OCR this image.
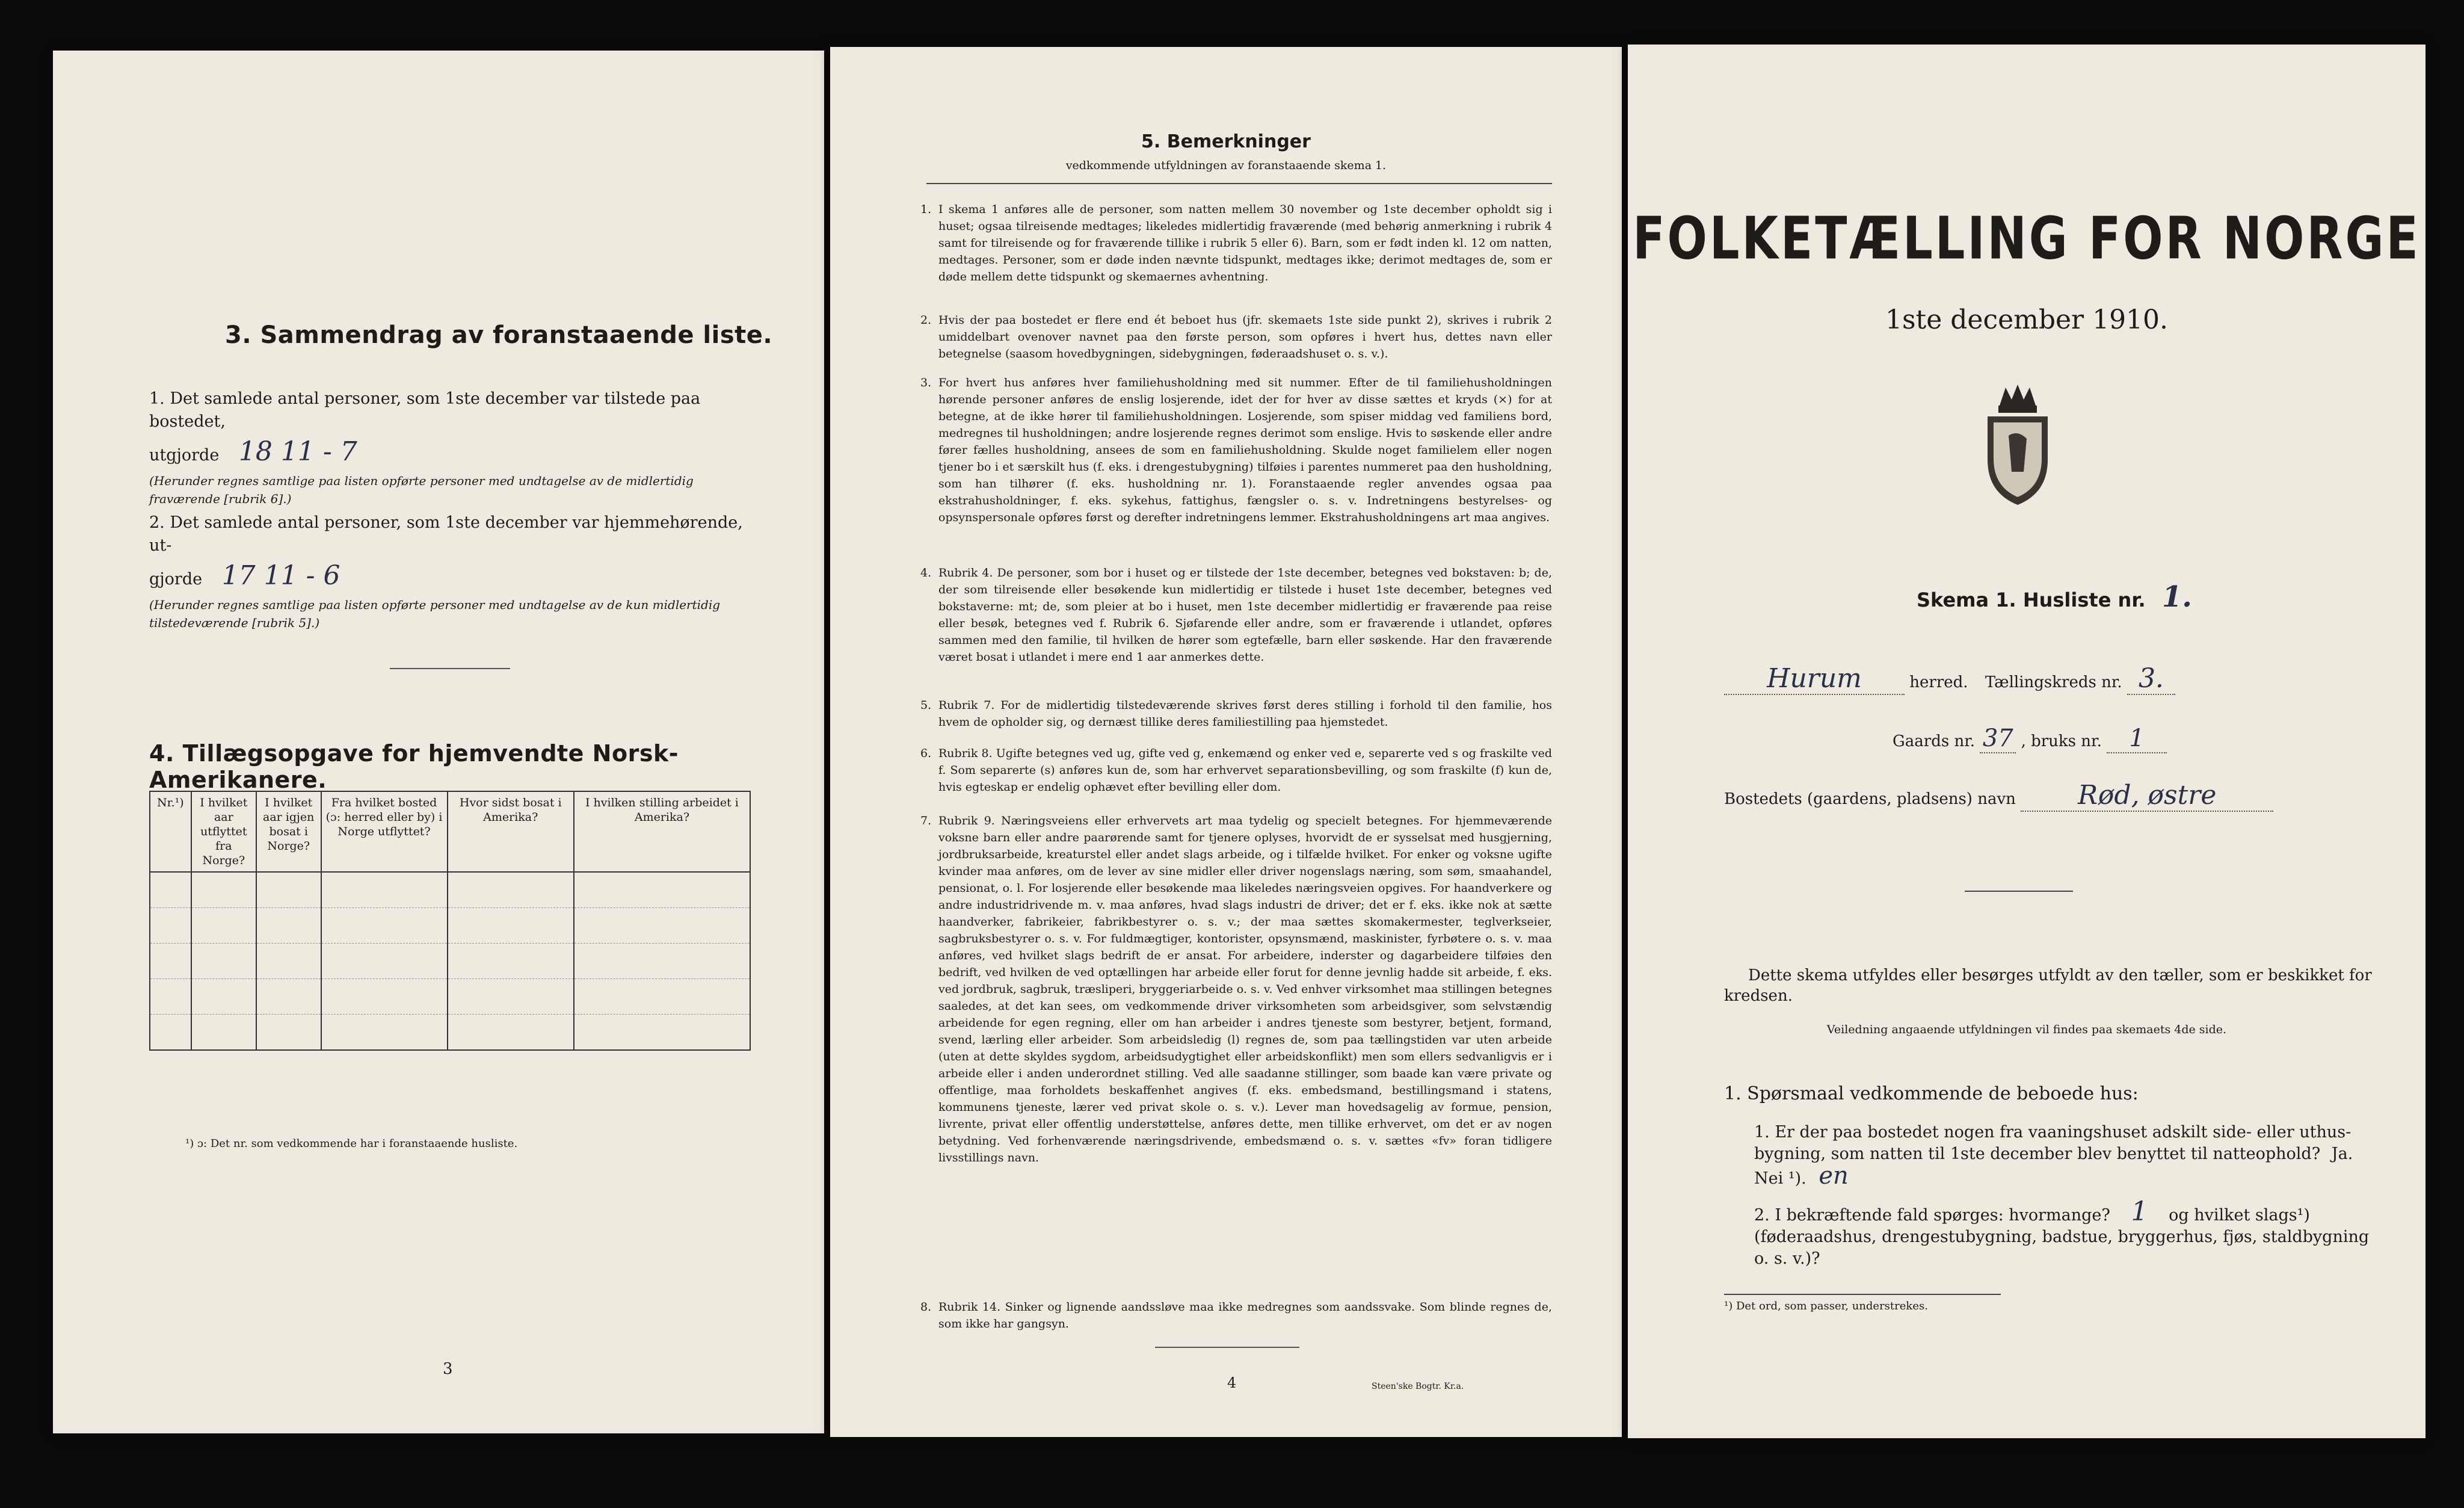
3. Sammendrag av foranstaaende liste.
1. Det samlede antal personer, som 1ste december var tilstede paa bostedet,
utgjorde 18 11 - 7
(Herunder regnes samtlige paa listen opførte personer med undtagelse av de midlertidig fraværende [rubrik 6].)
2. Det samlede antal personer, som 1ste december var hjemmehørende, ut-
gjorde 17 11 - 6
(Herunder regnes samtlige paa listen opførte personer med undtagelse av de kun midlertidig tilstedeværende [rubrik 5].)
4. Tillægsopgave for hjemvendte Norsk-Amerikanere.
Nr.¹)	I hvilket aar utflyttet fra Norge?	I hvilket aar igjen bosat i Norge?	Fra hvilket bosted (ɔ: herred eller by) i Norge utflyttet?	Hvor sidst bosat i Amerika?	I hvilken stilling arbeidet i Amerika?

¹) ɔ: Det nr. som vedkommende har i foranstaaende husliste.
3
5. Bemerkninger
vedkommende utfyldningen av foranstaaende skema 1.
1. I skema 1 anføres alle de personer, som natten mellem 30 november og 1ste december opholdt sig i huset; ogsaa tilreisende medtages; likeledes midlertidig fraværende (med behørig anmerkning i rubrik 4 samt for tilreisende og for fraværende tillike i rubrik 5 eller 6). Barn, som er født inden kl. 12 om natten, medtages. Personer, som er døde inden nævnte tidspunkt, medtages ikke; derimot medtages de, som er døde mellem dette tidspunkt og skemaernes avhentning.
2. Hvis der paa bostedet er flere end ét beboet hus (jfr. skemaets 1ste side punkt 2), skrives i rubrik 2 umiddelbart ovenover navnet paa den første person, som opføres i hvert hus, dettes navn eller betegnelse (saasom hovedbygningen, sidebygningen, føderaadshuset o. s. v.).
3. For hvert hus anføres hver familiehusholdning med sit nummer. Efter de til familiehusholdningen hørende personer anføres de enslig losjerende, idet der for hver av disse sættes et kryds (×) for at betegne, at de ikke hører til familiehusholdningen. Losjerende, som spiser middag ved familiens bord, medregnes til husholdningen; andre losjerende regnes derimot som enslige. Hvis to søskende eller andre fører fælles husholdning, ansees de som en familiehusholdning. Skulde noget familielem eller nogen tjener bo i et særskilt hus (f. eks. i drengestubygning) tilføies i parentes nummeret paa den husholdning, som han tilhører (f. eks. husholdning nr. 1). Foranstaaende regler anvendes ogsaa paa ekstrahusholdninger, f. eks. sykehus, fattighus, fængsler o. s. v. Indretningens bestyrelses- og opsynspersonale opføres først og derefter indretningens lemmer. Ekstrahusholdningens art maa angives.
4. Rubrik 4. De personer, som bor i huset og er tilstede der 1ste december, betegnes ved bokstaven: b; de, der som tilreisende eller besøkende kun midlertidig er tilstede i huset 1ste december, betegnes ved bokstaverne: mt; de, som pleier at bo i huset, men 1ste december midlertidig er fraværende paa reise eller besøk, betegnes ved f. Rubrik 6. Sjøfarende eller andre, som er fraværende i utlandet, opføres sammen med den familie, til hvilken de hører som egtefælle, barn eller søskende. Har den fraværende været bosat i utlandet i mere end 1 aar anmerkes dette.
5. Rubrik 7. For de midlertidig tilstedeværende skrives først deres stilling i forhold til den familie, hos hvem de opholder sig, og dernæst tillike deres familiestilling paa hjemstedet.
6. Rubrik 8. Ugifte betegnes ved ug, gifte ved g, enkemænd og enker ved e, separerte ved s og fraskilte ved f. Som separerte (s) anføres kun de, som har erhvervet separationsbevilling, og som fraskilte (f) kun de, hvis egteskap er endelig ophævet efter bevilling eller dom.
7. Rubrik 9. Næringsveiens eller erhvervets art maa tydelig og specielt betegnes. For hjemmeværende voksne barn eller andre paarørende samt for tjenere oplyses, hvorvidt de er sysselsat med husgjerning, jordbruksarbeide, kreaturstel eller andet slags arbeide, og i tilfælde hvilket. For enker og voksne ugifte kvinder maa anføres, om de lever av sine midler eller driver nogenslags næring, som søm, smaahandel, pensionat, o. l. For losjerende eller besøkende maa likeledes næringsveien opgives. For haandverkere og andre industridrivende m. v. maa anføres, hvad slags industri de driver; det er f. eks. ikke nok at sætte haandverker, fabrikeier, fabrikbestyrer o. s. v.; der maa sættes skomakermester, teglverkseier, sagbruksbestyrer o. s. v. For fuldmægtiger, kontorister, opsynsmænd, maskinister, fyrbøtere o. s. v. maa anføres, ved hvilket slags bedrift de er ansat. For arbeidere, inderster og dagarbeidere tilføies den bedrift, ved hvilken de ved optællingen har arbeide eller forut for denne jevnlig hadde sit arbeide, f. eks. ved jordbruk, sagbruk, træsliperi, bryggeriarbeide o. s. v. Ved enhver virksomhet maa stillingen betegnes saaledes, at det kan sees, om vedkommende driver virksomheten som arbeidsgiver, som selvstændig arbeidende for egen regning, eller om han arbeider i andres tjeneste som bestyrer, betjent, formand, svend, lærling eller arbeider. Som arbeidsledig (l) regnes de, som paa tællingstiden var uten arbeide (uten at dette skyldes sygdom, arbeidsudygtighet eller arbeidskonflikt) men som ellers sedvanligvis er i arbeide eller i anden underordnet stilling. Ved alle saadanne stillinger, som baade kan være private og offentlige, maa forholdets beskaffenhet angives (f. eks. embedsmand, bestillingsmand i statens, kommunens tjeneste, lærer ved privat skole o. s. v.). Lever man hovedsagelig av formue, pension, livrente, privat eller offentlig understøttelse, anføres dette, men tillike erhvervet, om det er av nogen betydning. Ved forhenværende næringsdrivende, embedsmænd o. s. v. sættes «fv» foran tidligere livsstillings navn.
8. Rubrik 14. Sinker og lignende aandssløve maa ikke medregnes som aandssvake. Som blinde regnes de, som ikke har gangsyn.
4	Steen'ske Bogtr. Kr.a.
FOLKETÆLLING FOR NORGE
1ste december 1910.
Skema 1. Husliste nr. 1.
Hurum	herred. Tællingskreds nr. 3.
Gaards nr. 37 , bruks nr. 1
Bostedets (gaardens, pladsens) navn Rød, østre
Dette skema utfyldes eller besørges utfyldt av den tæller, som er beskikket for kredsen.
Veiledning angaaende utfyldningen vil findes paa skemaets 4de side.
1. Spørsmaal vedkommende de beboede hus:
1. Er der paa bostedet nogen fra vaaningshuset adskilt side- eller uthus-bygning, som natten til 1ste december blev benyttet til natteophold? Ja. Nei ¹). en
2. I bekræftende fald spørges: hvormange? 1 og hvilket slags¹) (føderaadshus, drengestubygning, badstue, bryggerhus, fjøs, staldbygning o. s. v.)?
¹) Det ord, som passer, understrekes.
